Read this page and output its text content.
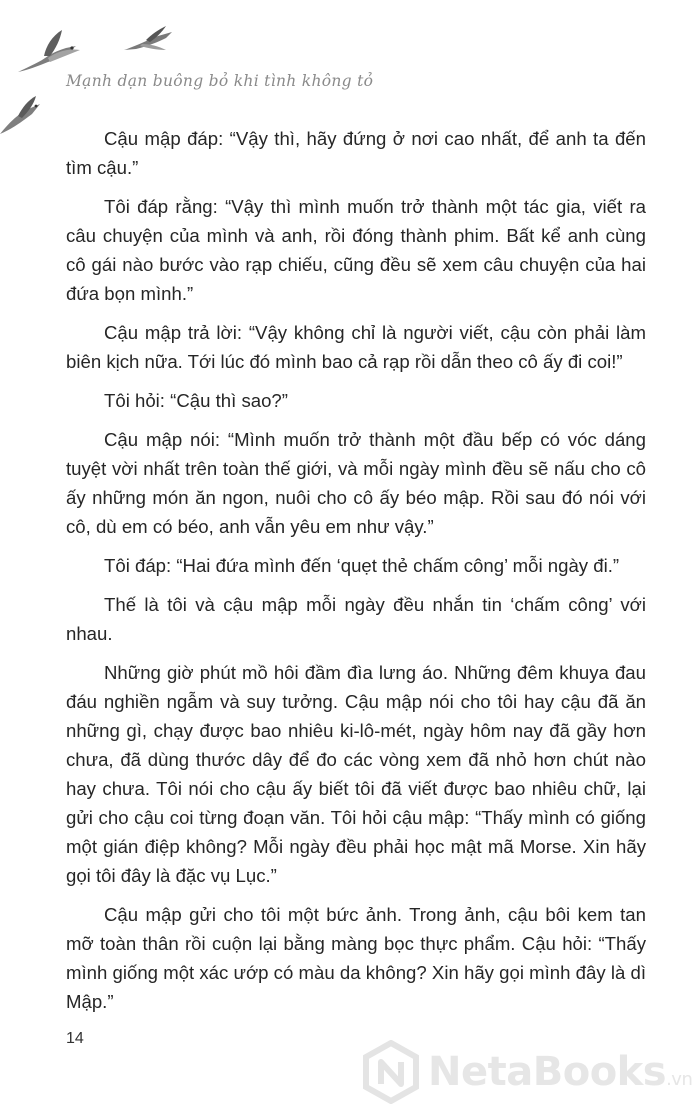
Mạnh dạn buông bỏ khi tình không tỏ

Cậu mập đáp: “Vậy thì, hãy đứng ở nơi cao nhất, để anh ta đến tìm cậu.”

Tôi đáp rằng: “Vậy thì mình muốn trở thành một tác gia, viết ra câu chuyện của mình và anh, rồi đóng thành phim. Bất kể anh cùng cô gái nào bước vào rạp chiếu, cũng đều sẽ xem câu chuyện của hai đứa bọn mình.”

Cậu mập trả lời: “Vậy không chỉ là người viết, cậu còn phải làm biên kịch nữa. Tới lúc đó mình bao cả rạp rồi dẫn theo cô ấy đi coi!”

Tôi hỏi: “Cậu thì sao?”

Cậu mập nói: “Mình muốn trở thành một đầu bếp có vóc dáng tuyệt vời nhất trên toàn thế giới, và mỗi ngày mình đều sẽ nấu cho cô ấy những món ăn ngon, nuôi cho cô ấy béo mập. Rồi sau đó nói với cô, dù em có béo, anh vẫn yêu em như vậy.”

Tôi đáp: “Hai đứa mình đến ‘quẹt thẻ chấm công’ mỗi ngày đi.”

Thế là tôi và cậu mập mỗi ngày đều nhắn tin ‘chấm công’ với nhau.

Những giờ phút mồ hôi đầm đìa lưng áo. Những đêm khuya đau đáu nghiền ngẫm và suy tưởng. Cậu mập nói cho tôi hay cậu đã ăn những gì, chạy được bao nhiêu ki-lô-mét, ngày hôm nay đã gầy hơn chưa, đã dùng thước dây để đo các vòng xem đã nhỏ hơn chút nào hay chưa. Tôi nói cho cậu ấy biết tôi đã viết được bao nhiêu chữ, lại gửi cho cậu coi từng đoạn văn. Tôi hỏi cậu mập: “Thấy mình có giống một gián điệp không? Mỗi ngày đều phải học mật mã Morse. Xin hãy gọi tôi đây là đặc vụ Lục.”

Cậu mập gửi cho tôi một bức ảnh. Trong ảnh, cậu bôi kem tan mỡ toàn thân rồi cuộn lại bằng màng bọc thực phẩm. Cậu hỏi: “Thấy mình giống một xác ướp có màu da không? Xin hãy gọi mình đây là dì Mập.”

14
NetaBooks.vn
